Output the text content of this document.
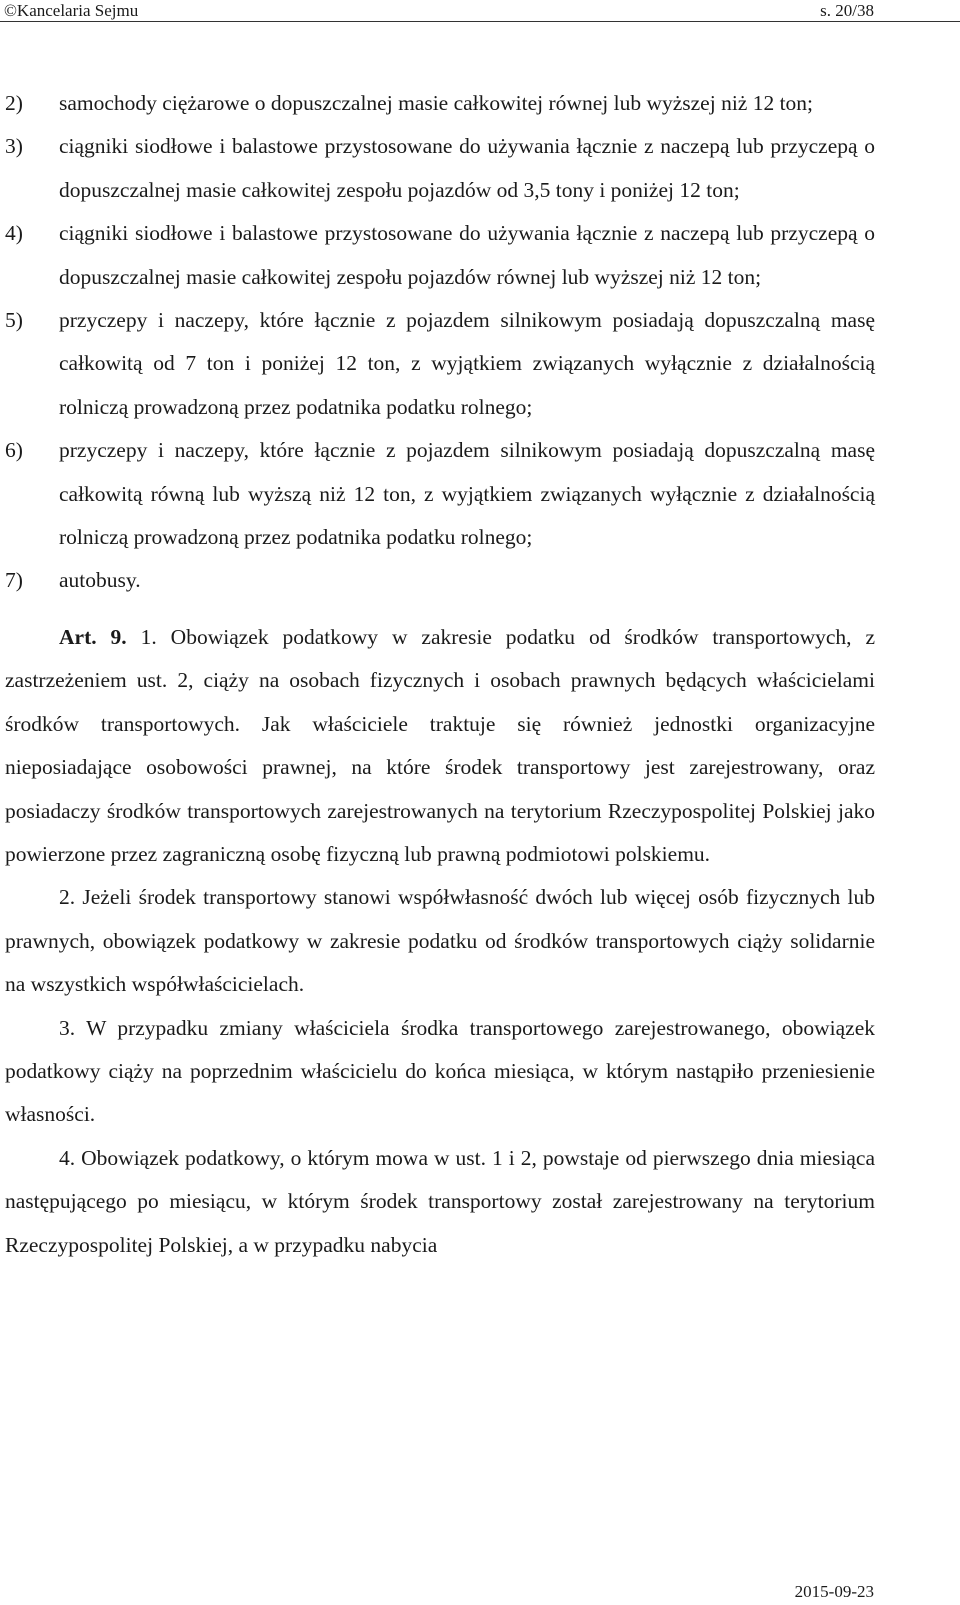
©Kancelaria Sejmu	s. 20/38
2) samochody ciężarowe o dopuszczalnej masie całkowitej równej lub wyższej niż 12 ton;
3) ciągniki siodłowe i balastowe przystosowane do używania łącznie z naczepą lub przyczepą o dopuszczalnej masie całkowitej zespołu pojazdów od 3,5 tony i poniżej 12 ton;
4) ciągniki siodłowe i balastowe przystosowane do używania łącznie z naczepą lub przyczepą o dopuszczalnej masie całkowitej zespołu pojazdów równej lub wyższej niż 12 ton;
5) przyczepy i naczepy, które łącznie z pojazdem silnikowym posiadają dopuszczalną masę całkowitą od 7 ton i poniżej 12 ton, z wyjątkiem związanych wyłącznie z działalnością rolniczą prowadzoną przez podatnika podatku rolnego;
6) przyczepy i naczepy, które łącznie z pojazdem silnikowym posiadają dopuszczalną masę całkowitą równą lub wyższą niż 12 ton, z wyjątkiem związanych wyłącznie z działalnością rolniczą prowadzoną przez podatnika podatku rolnego;
7) autobusy.
Art. 9. 1. Obowiązek podatkowy w zakresie podatku od środków transportowych, z zastrzeżeniem ust. 2, ciąży na osobach fizycznych i osobach prawnych będących właścicielami środków transportowych. Jak właściciele traktuje się również jednostki organizacyjne nieposiadające osobowości prawnej, na które środek transportowy jest zarejestrowany, oraz posiadaczy środków transportowych zarejestrowanych na terytorium Rzeczypospolitej Polskiej jako powierzone przez zagraniczną osobę fizyczną lub prawną podmiotowi polskiemu.
2. Jeżeli środek transportowy stanowi współwłasność dwóch lub więcej osób fizycznych lub prawnych, obowiązek podatkowy w zakresie podatku od środków transportowych ciąży solidarnie na wszystkich współwłaścicielach.
3. W przypadku zmiany właściciela środka transportowego zarejestrowanego, obowiązek podatkowy ciąży na poprzednim właścicielu do końca miesiąca, w którym nastąpiło przeniesienie własności.
4. Obowiązek podatkowy, o którym mowa w ust. 1 i 2, powstaje od pierwszego dnia miesiąca następującego po miesiącu, w którym środek transportowy został zarejestrowany na terytorium Rzeczypospolitej Polskiej, a w przypadku nabycia
2015-09-23
